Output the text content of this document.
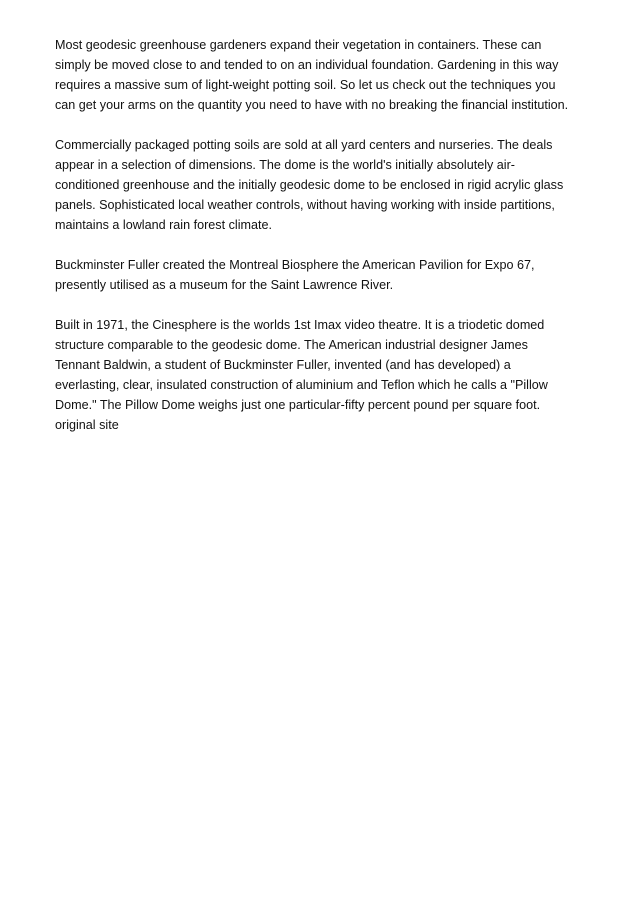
Most geodesic greenhouse gardeners expand their vegetation in containers. These can
simply be moved close to and tended to on an individual foundation. Gardening in this way
requires a massive sum of light-weight potting soil. So let us check out the techniques you
can get your arms on the quantity you need to have with no breaking the financial institution.

Commercially packaged potting soils are sold at all yard centers and nurseries. The deals
appear in a selection of dimensions. The dome is the world's initially absolutely air-
conditioned greenhouse and the initially geodesic dome to be enclosed in rigid acrylic glass
panels. Sophisticated local weather controls, without having working with inside partitions,
maintains a lowland rain forest climate.

Buckminster Fuller created the Montreal Biosphere the American Pavilion for Expo 67,
presently utilised as a museum for the Saint Lawrence River.

Built in 1971, the Cinesphere is the worlds 1st Imax video theatre. It is a triodetic domed
structure comparable to the geodesic dome. The American industrial designer James
Tennant Baldwin, a student of Buckminster Fuller, invented (and has developed) a
everlasting, clear, insulated construction of aluminium and Teflon which he calls a "Pillow
Dome." The Pillow Dome weighs just one particular-fifty percent pound per square foot.
original site
